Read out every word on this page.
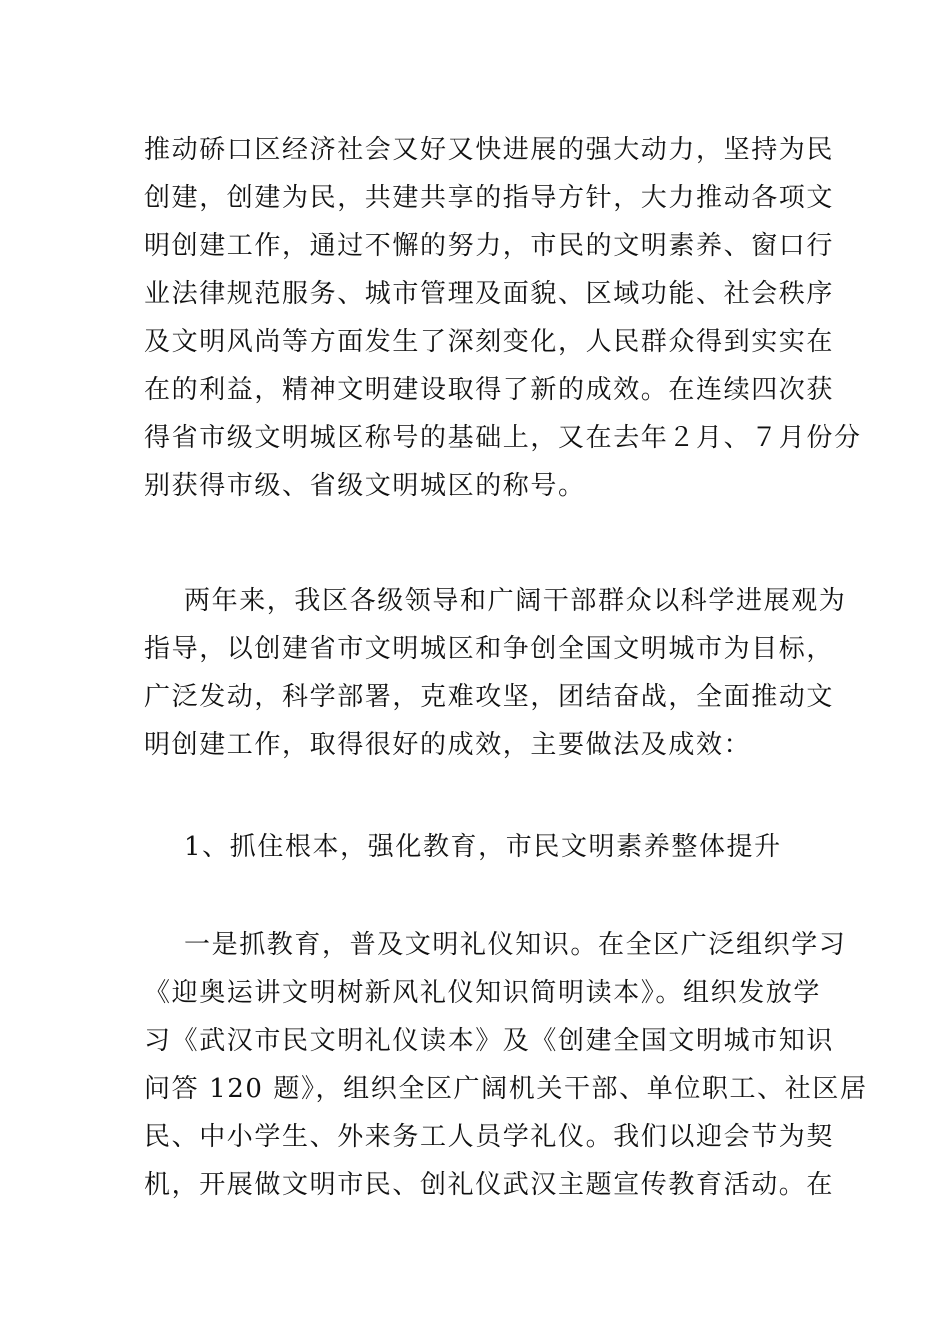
推动硚口区经济社会又好又快进展的强大动力，坚持为民
创建，创建为民，共建共享的指导方针，大力推动各项文
明创建工作，通过不懈的努力，市民的文明素养、窗口行
业法律规范服务、城市管理及面貌、区域功能、社会秩序
及文明风尚等方面发生了深刻变化，人民群众得到实实在
在的利益，精神文明建设取得了新的成效。在连续四次获
得省市级文明城区称号的基础上，又在去年２月、７月份分
别获得市级、省级文明城区的称号。
两年来，我区各级领导和广阔干部群众以科学进展观为
指导，以创建省市文明城区和争创全国文明城市为目标，
广泛发动，科学部署，克难攻坚，团结奋战，全面推动文
明创建工作，取得很好的成效，主要做法及成效：
1、抓住根本，强化教育，市民文明素养整体提升
一是抓教育，普及文明礼仪知识。在全区广泛组织学习
《迎奥运讲文明树新风礼仪知识简明读本》。组织发放学
习《武汉市民文明礼仪读本》及《创建全国文明城市知识
问答 120 题》，组织全区广阔机关干部、单位职工、社区居
民、中小学生、外来务工人员学礼仪。我们以迎会节为契
机，开展做文明市民、创礼仪武汉主题宣传教育活动。在
